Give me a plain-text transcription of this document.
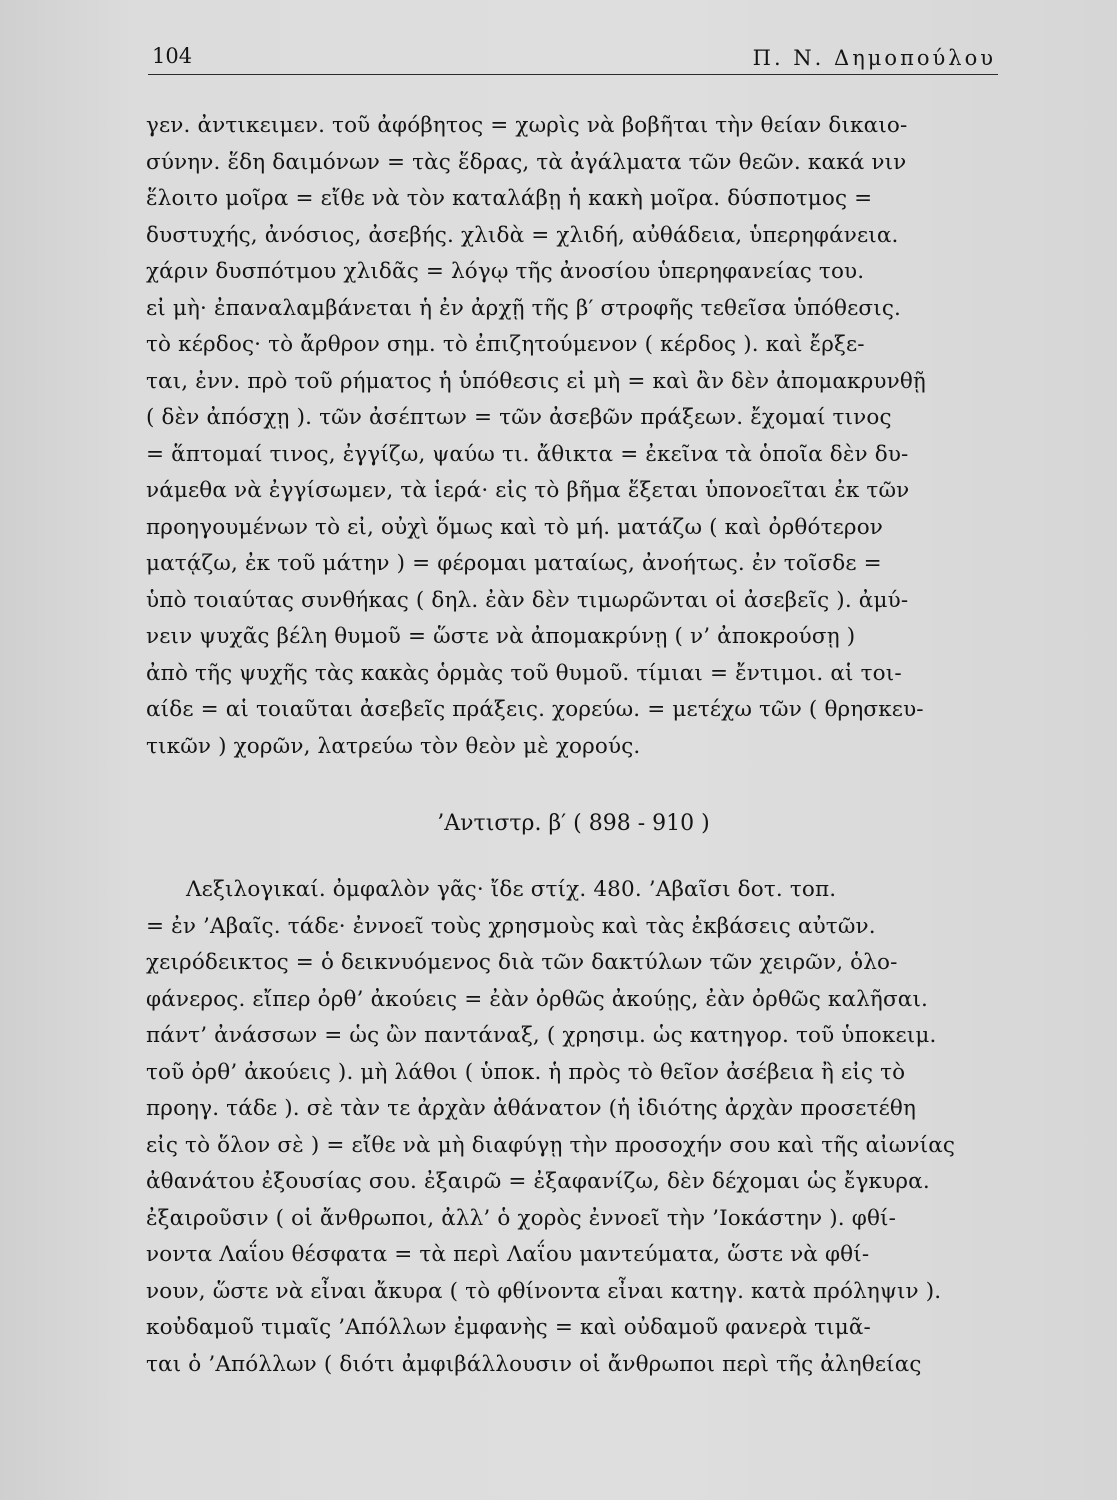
104	Π. Ν. Δημοπούλου
γεν. ἀντικειμεν. τοῦ ἀφόβητος = χωρὶς νὰ βοβῆται τὴν θείαν δικαιο-
σύνην. ἕδη δαιμόνων = τὰς ἕδρας, τὰ ἀγάλματα τῶν θεῶν. κακά νιν
ἕλοιτο μοῖρα = εἴθε νὰ τὸν καταλάβῃ ἡ κακὴ μοῖρα. δύσποτμος =
δυστυχής, ἀνόσιος, ἀσεβής. χλιδὰ = χλιδή, αὐθάδεια, ὑπερηφάνεια.
χάριν δυσπότμου χλιδᾶς = λόγῳ τῆς ἀνοσίου ὑπερηφανείας του.
εἰ μὴ· ἐπαναλαμβάνεται ἡ ἐν ἀρχῇ τῆς β′ στροφῆς τεθεῖσα ὑπόθεσις.
τὸ κέρδος· τὸ ἄρθρον σημ. τὸ ἐπιζητούμενον ( κέρδος ). καὶ ἔρξε-
ται, ἐνν. πρὸ τοῦ ρήματος ἡ ὑπόθεσις εἰ μὴ = καὶ ἂν δὲν ἀπομακρυνθῇ
( δὲν ἀπόσχῃ ). τῶν ἀσέπτων = τῶν ἀσεβῶν πράξεων. ἔχομαί τινος
= ἅπτομαί τινος, ἐγγίζω, ψαύω τι. ἄθικτα = ἐκεῖνα τὰ ὁποῖα δὲν δυ-
νάμεθα νὰ ἐγγίσωμεν, τὰ ἱερά· εἰς τὸ βῆμα ἕξεται ὑπονοεῖται ἐκ τῶν
προηγουμένων τὸ εἰ, οὐχὶ ὅμως καὶ τὸ μή. ματάζω ( καὶ ὀρθότερον
ματᾴζω, ἐκ τοῦ μάτην ) = φέρομαι ματαίως, ἀνοήτως. ἐν τοῖσδε =
ὑπὸ τοιαύτας συνθήκας ( δηλ. ἐὰν δὲν τιμωρῶνται οἱ ἀσεβεῖς ). ἀμύ-
νειν ψυχᾶς βέλη θυμοῦ = ὥστε νὰ ἀπομακρύνῃ ( ν’ ἀποκρούσῃ )
ἀπὸ τῆς ψυχῆς τὰς κακὰς ὁρμὰς τοῦ θυμοῦ. τίμιαι = ἔντιμοι. αἱ τοι-
αίδε = αἱ τοιαῦται ἀσεβεῖς πράξεις. χορεύω. = μετέχω τῶν ( θρησκευ-
τικῶν ) χορῶν, λατρεύω τὸν θεὸν μὲ χορούς.
’Αντιστρ. β′ ( 898 - 910 )
Λεξιλογικαί. ὀμφαλὸν γᾶς· ἴδε στίχ. 480. ’Αβαῖσι δοτ. τοπ.
= ἐν ’Αβαῖς. τάδε· ἐννοεῖ τοὺς χρησμοὺς καὶ τὰς ἐκβάσεις αὐτῶν.
χειρόδεικτος = ὁ δεικνυόμενος διὰ τῶν δακτύλων τῶν χειρῶν, ὁλο-
φάνερος. εἴπερ ὀρθ’ ἀκούεις = ἐὰν ὀρθῶς ἀκούῃς, ἐὰν ὀρθῶς καλῆσαι.
πάντ’ ἀνάσσων = ὡς ὢν παντάναξ, ( χρησιμ. ὡς κατηγορ. τοῦ ὑποκειμ.
τοῦ ὀρθ’ ἀκούεις ). μὴ λάθοι ( ὑποκ. ἡ πρὸς τὸ θεῖον ἀσέβεια ἢ εἰς τὸ
προηγ. τάδε ). σὲ τὰν τε ἀρχὰν ἀθάνατον (ἡ ἰδιότης ἀρχὰν προσετέθη
εἰς τὸ ὅλον σὲ ) = εἴθε νὰ μὴ διαφύγῃ τὴν προσοχήν σου καὶ τῆς αἰωνίας
ἀθανάτου ἐξουσίας σου. ἐξαιρῶ = ἐξαφανίζω, δὲν δέχομαι ὡς ἔγκυρα.
ἐξαιροῦσιν ( οἱ ἄνθρωποι, ἀλλ’ ὁ χορὸς ἐννοεῖ τὴν ’Ιοκάστην ). φθί-
νοντα Λαΐου θέσφατα = τὰ περὶ Λαΐου μαντεύματα, ὥστε νὰ φθί-
νουν, ὥστε νὰ εἶναι ἄκυρα ( τὸ φθίνοντα εἶναι κατηγ. κατὰ πρόληψιν ).
κοὐδαμοῦ τιμαῖς ’Απόλλων ἐμφανὴς = καὶ οὐδαμοῦ φανερὰ τιμᾶ-
ται ὁ ’Απόλλων ( διότι ἀμφιβάλλουσιν οἱ ἄνθρωποι περὶ τῆς ἀληθείας
